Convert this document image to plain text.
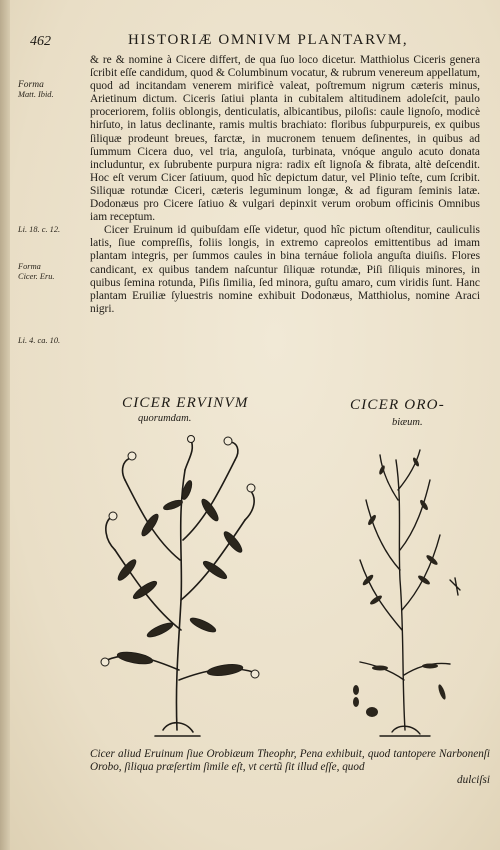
462	HISTORIÆ OMNIVM PLANTARVM,
Forma
Matt. Ibid.
Li. 18. c. 12.
Forma
Cicer. Eru.
Li. 4. ca. 10.

& re & nomine à Cicere differt, de qua ſuo loco dicetur. Matthiolus Ciceris genera ſcribit eſſe candidum, quod & Columbinum vocatur, & rubrum venereum appellatum, quod ad incitandam venerem mirificè valeat, poſtremum nigrum cæteris minus, Arietinum dictum. Ciceris ſatiui planta in cubitalem altitudinem adoleſcit, paulo proceriorem, foliis oblongis, denticulatis, albicantibus, piloſis: caule lignoſo, modicè hirſuto, in latus declinante, ramis multis brachiato: floribus ſubpurpureis, ex quibus ſiliquæ prodeunt breues, farctæ, in mucronem tenuem deſinentes, in quibus ad ſummum Cicera duo, vel tria, anguloſa, turbinata, vnóque angulo acuto donata includuntur, ex ſubrubente purpura nigra: radix eſt lignoſa & fibrata, altè deſcendit. Hoc eſt verum Cicer ſatiuum, quod hîc depictum datur, vel Plinio teſte, cum ſcribit. Siliquæ rotundæ Ciceri, cæteris leguminum longæ, & ad figuram ſeminis latæ. Dodonæus pro Cicere ſatiuo & vulgari depinxit verum orobum officinis Omnibus iam receptum.

Cicer Eruinum id quibuſdam eſſe videtur, quod hîc pictum oſtenditur, cauliculis latis, ſiue compreſſis, foliis longis, in extremo capreolos emittentibus ad imam plantam integris, per ſummos caules in bina ternáue foliola anguſta diuiſis. Flores candicant, ex quibus tandem naſcuntur ſiliquæ rotundæ, Piſi ſiliquis minores, in quibus ſemina rotunda, Piſis ſimilia, ſed minora, guſtu amaro, cum viridis ſunt. Hanc plantam Eruiliæ ſyluestris nomine exhibuit Dodonæus, Matthiolus, nomine Araci nigri.

CICER ERVINVM
quorumdam.
CICER ORO-
biæum.
Cicer aliud Eruinum ſiue Orobiæum Theophr, Pena exhibuit, quod tantopere Narbonenſi Orobo, ſiliqua præſertim ſimile eſt, vt certũ ſit illud eſſe, quod
dulciſsi
